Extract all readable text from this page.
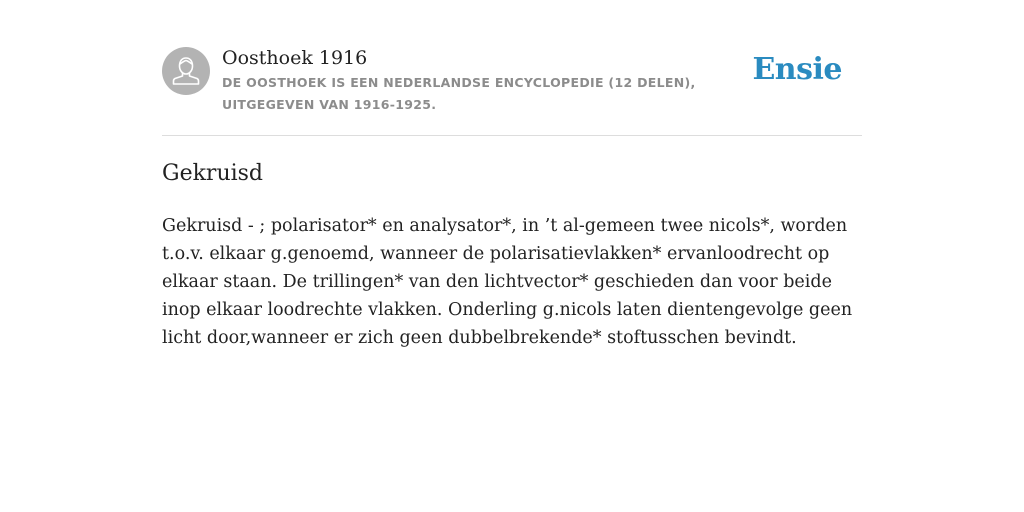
Oosthoek 1916
DE OOSTHOEK IS EEN NEDERLANDSE ENCYCLOPEDIE (12 DELEN), UITGEGEVEN VAN 1916-1925.
Ensie
Gekruisd

Gekruisd - ; polarisator* en analysator*, in ’t al-gemeen twee nicols*, worden t.o.v. elkaar g.genoemd, wanneer de polarisatievlakken* ervanloodrecht op elkaar staan. De trillingen* van den lichtvector* geschieden dan voor beide inop elkaar loodrechte vlakken. Onderling g.nicols laten dientengevolge geen licht door,wanneer er zich geen dubbelbrekende* stoftusschen bevindt.
